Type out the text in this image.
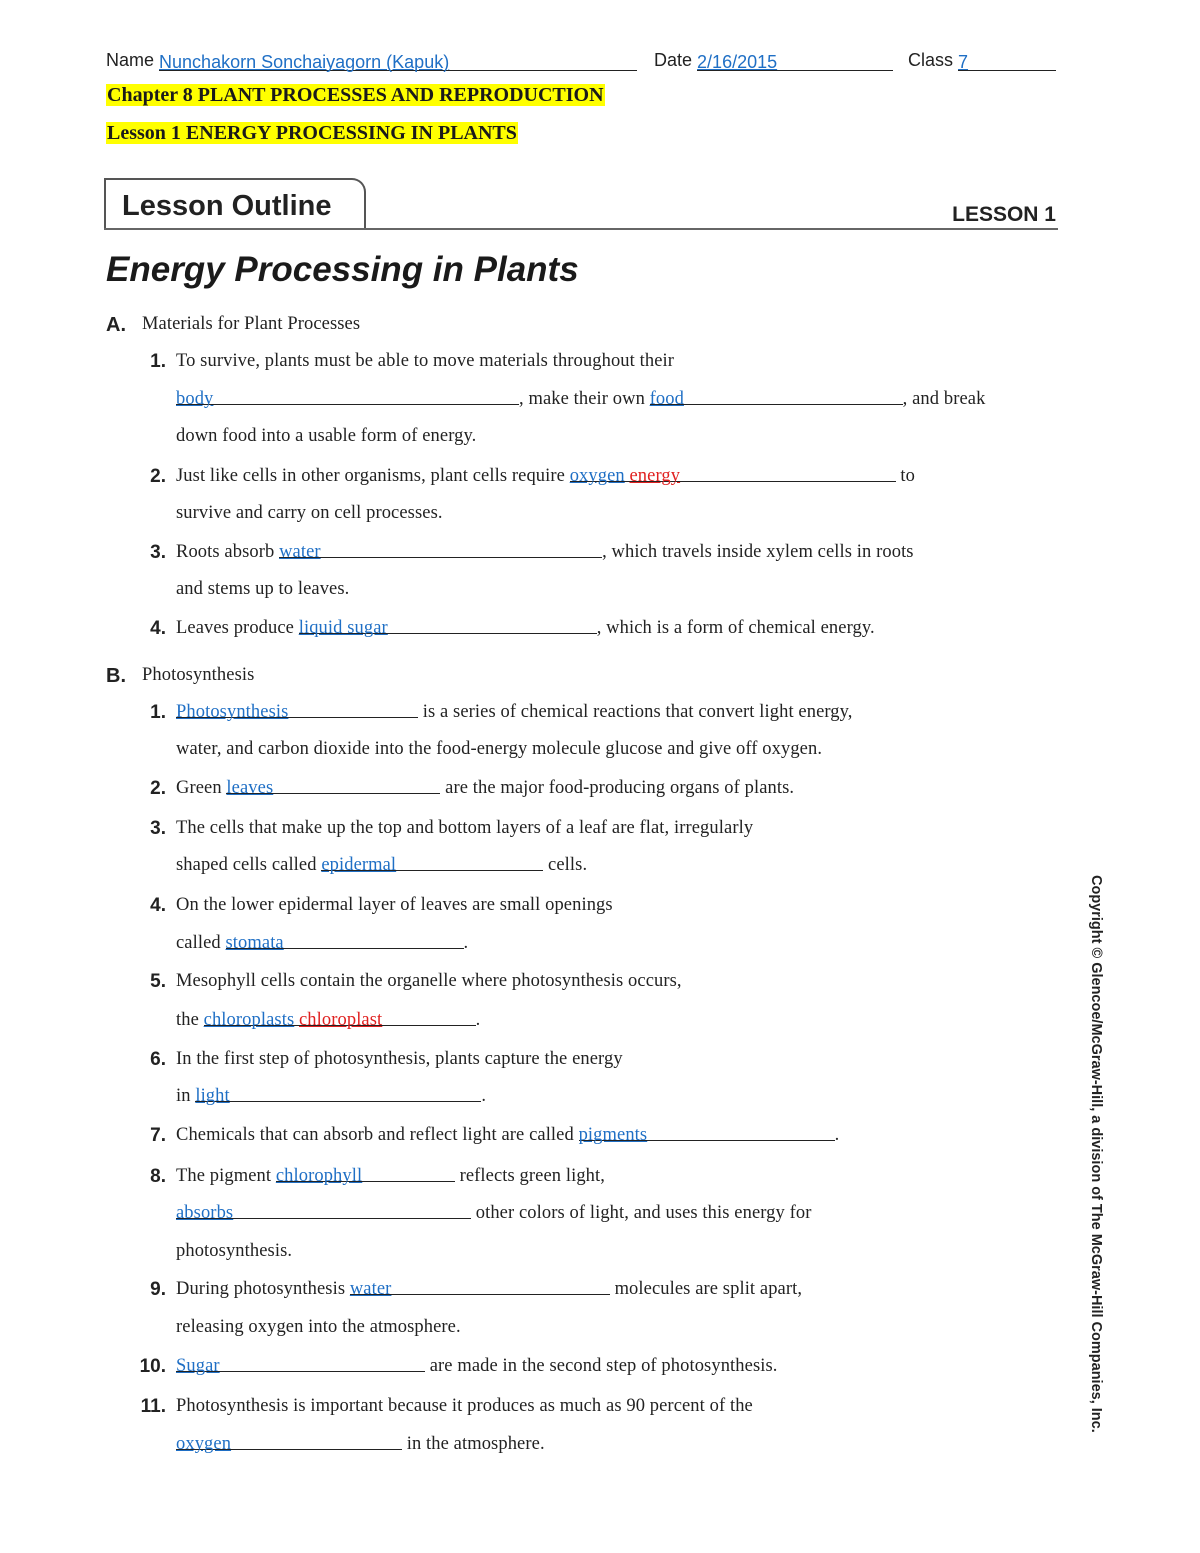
Name Nunchakorn Sonchaiyagorn (Kapuk)	Date 2/16/2015	Class 7
Chapter 8 PLANT PROCESSES AND REPRODUCTION
Lesson 1 ENERGY PROCESSING IN PLANTS
Lesson Outline	LESSON 1
Energy Processing in Plants
A. Materials for Plant Processes
1. To survive, plants must be able to move materials throughout their
body	, make their own food	, and break
down food into a usable form of energy.
2. Just like cells in other organisms, plant cells require oxygen energy	to
survive and carry on cell processes.
3. Roots absorb water	, which travels inside xylem cells in roots
and stems up to leaves.
4. Leaves produce liquid sugar	, which is a form of chemical energy.
B. Photosynthesis
1. Photosynthesis	is a series of chemical reactions that convert light energy,
water, and carbon dioxide into the food-energy molecule glucose and give off oxygen.
2. Green leaves	are the major food-producing organs of plants.
3. The cells that make up the top and bottom layers of a leaf are flat, irregularly
shaped cells called epidermal	cells.
4. On the lower epidermal layer of leaves are small openings
called stomata	.
5. Mesophyll cells contain the organelle where photosynthesis occurs,
the chloroplasts chloroplast	.
6. In the first step of photosynthesis, plants capture the energy
in light	.
7. Chemicals that can absorb and reflect light are called pigments	.
8. The pigment chlorophyll	reflects green light,
absorbs	other colors of light, and uses this energy for
photosynthesis.
9. During photosynthesis water	molecules are split apart,
releasing oxygen into the atmosphere.
10. Sugar	are made in the second step of photosynthesis.
11. Photosynthesis is important because it produces as much as 90 percent of the
oxygen	in the atmosphere.
Copyright © Glencoe/McGraw-Hill, a division of The McGraw-Hill Companies, Inc.
